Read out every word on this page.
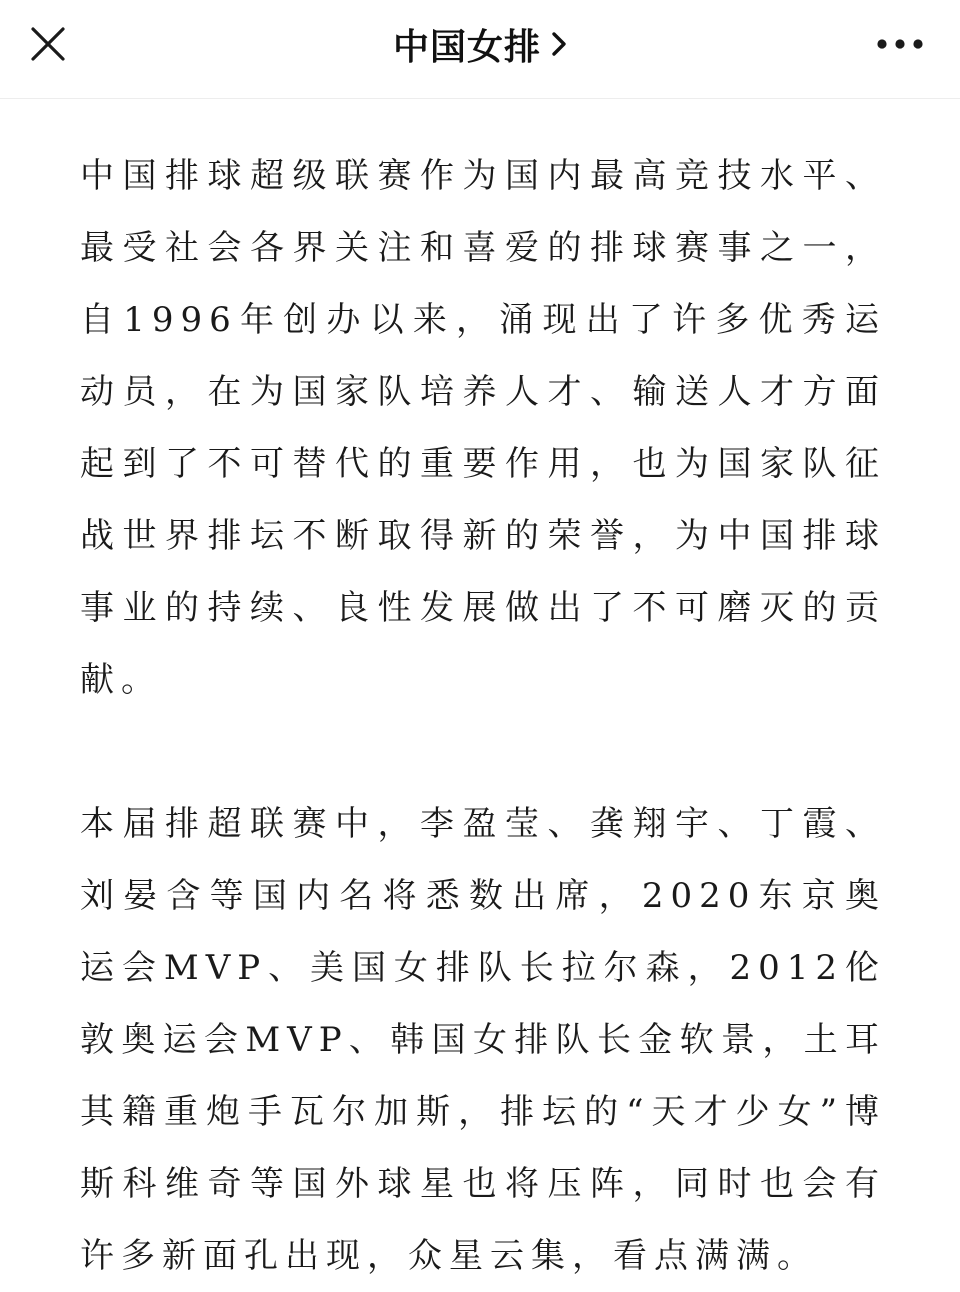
中国女排

中国排球超级联赛作为国内最高竞技水平、最受社会各界关注和喜爱的排球赛事之一，自1996年创办以来，涌现出了许多优秀运动员，在为国家队培养人才、输送人才方面起到了不可替代的重要作用，也为国家队征战世界排坛不断取得新的荣誉，为中国排球事业的持续、良性发展做出了不可磨灭的贡献。

本届排超联赛中，李盈莹、龚翔宇、丁霞、刘晏含等国内名将悉数出席，2020东京奥运会MVP、美国女排队长拉尔森，2012伦敦奥运会MVP、韩国女排队长金软景，土耳其籍重炮手瓦尔加斯，排坛的“天才少女”博斯科维奇等国外球星也将压阵，同时也会有许多新面孔出现，众星云集，看点满满。
